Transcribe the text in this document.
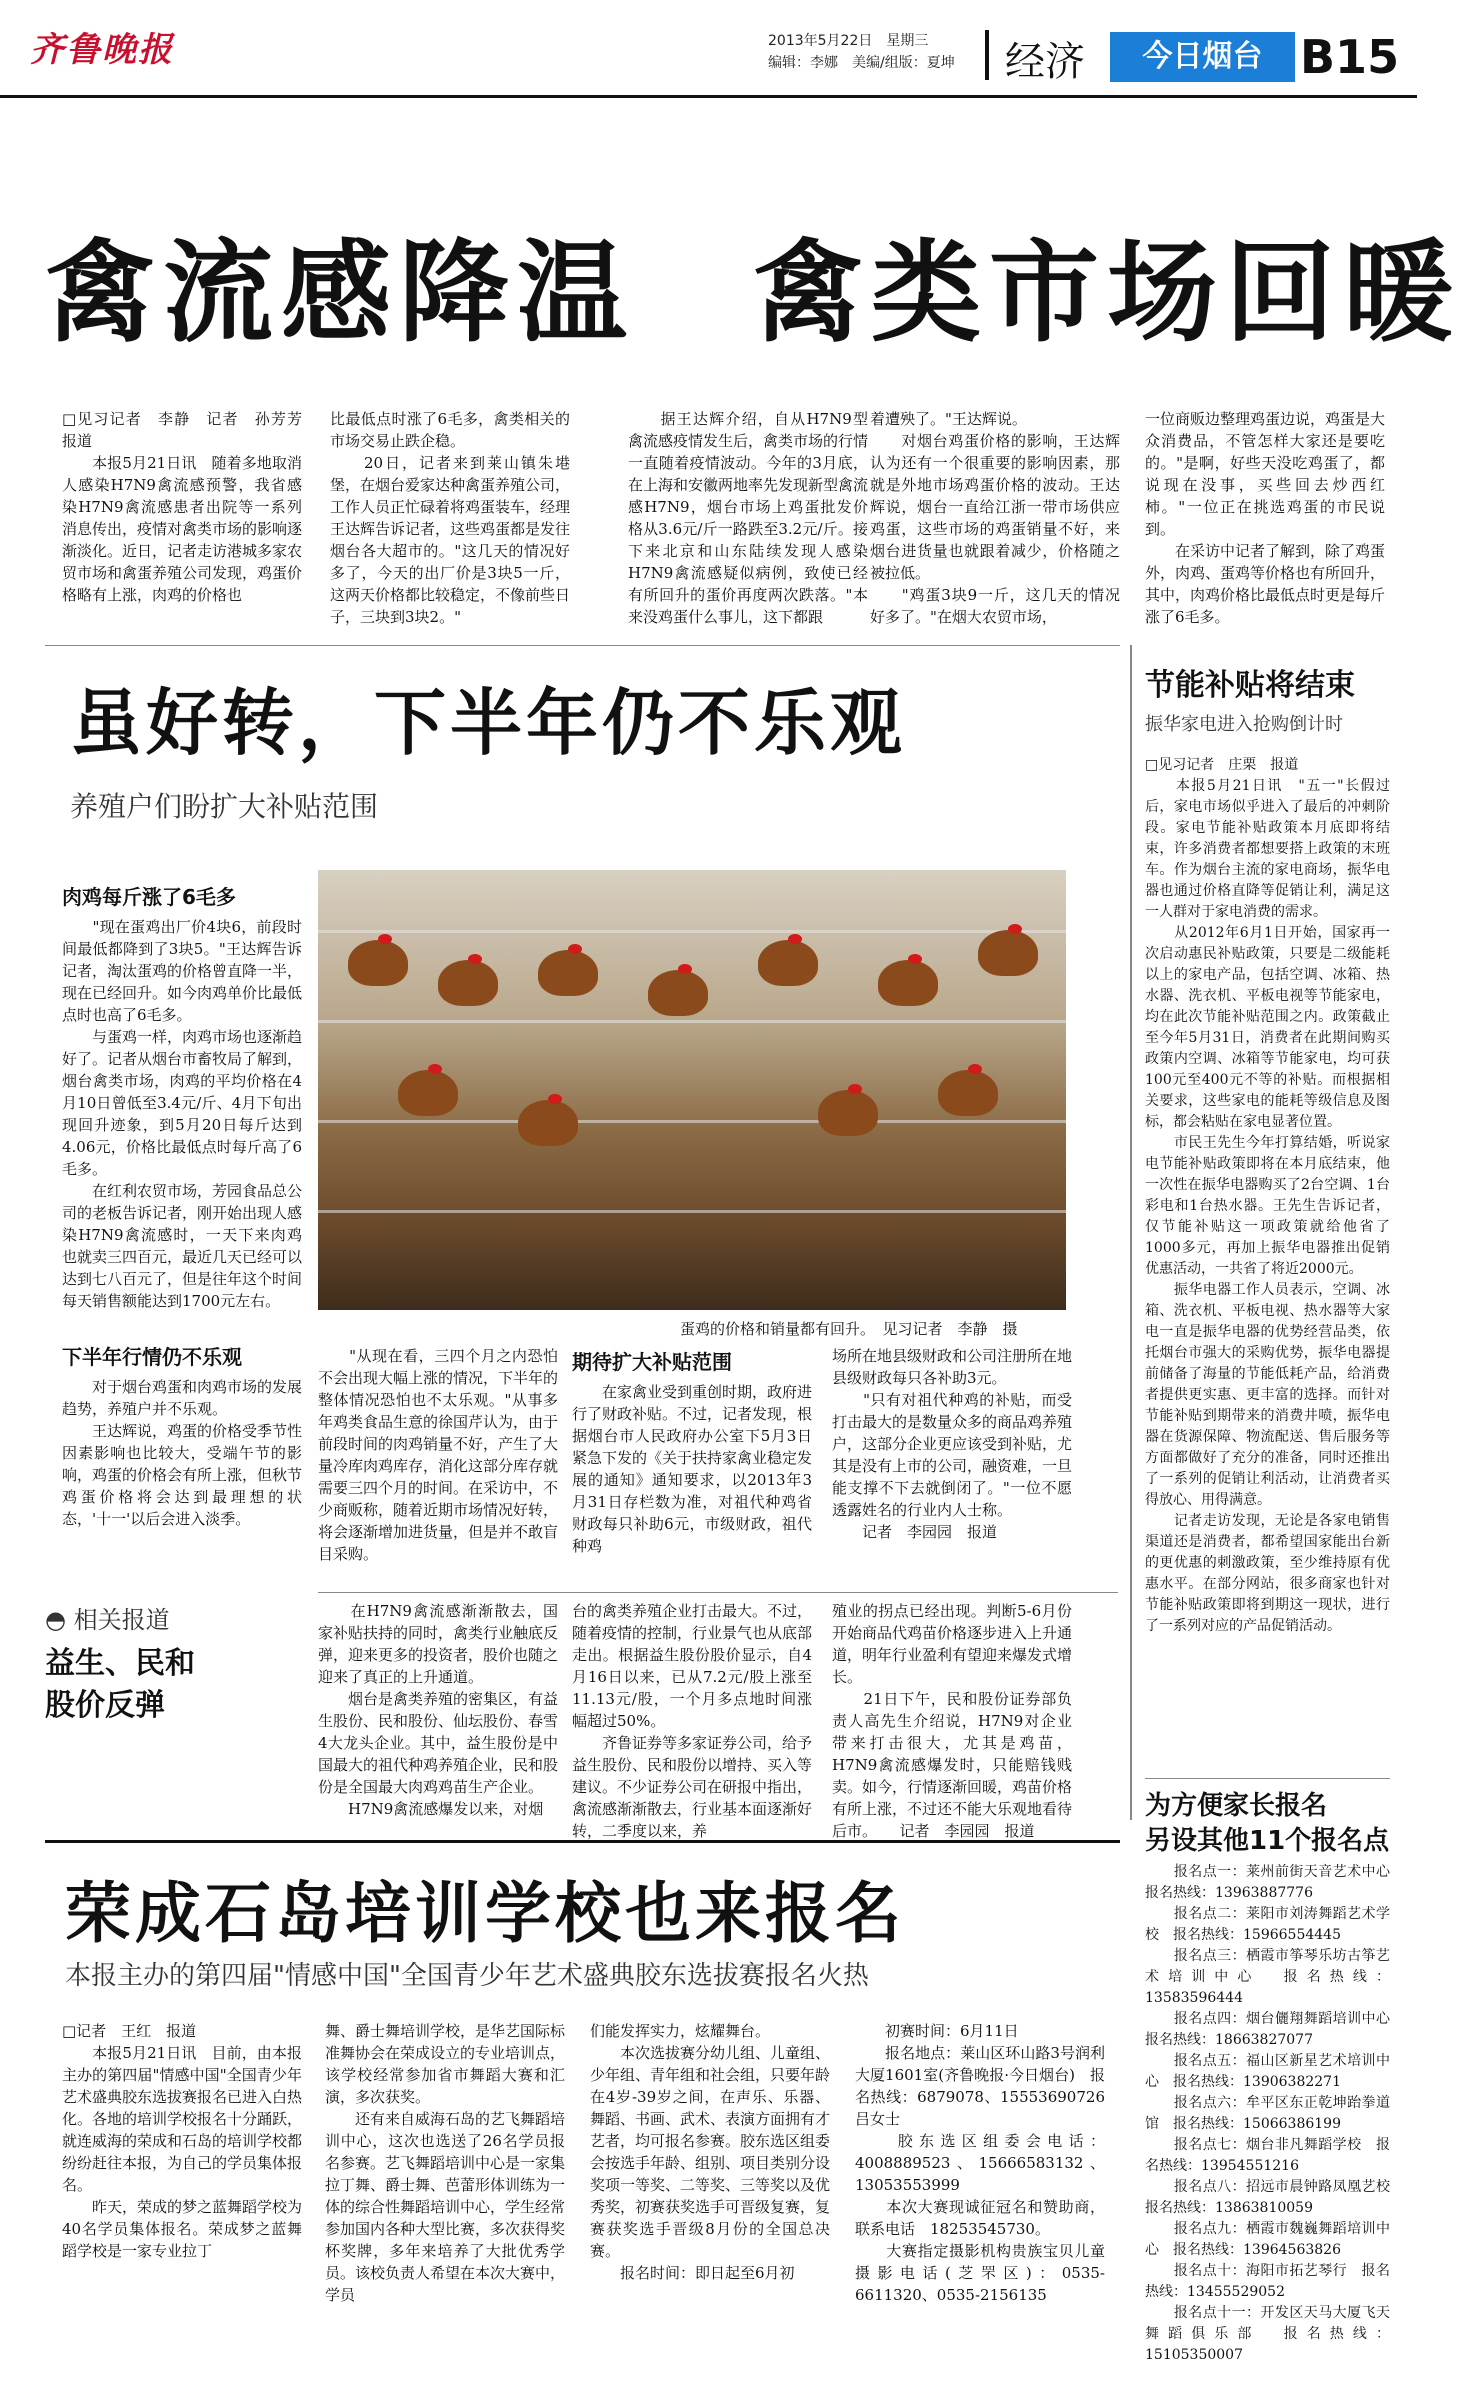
齐鲁晚报	2013年5月22日　星期三
编辑：李娜　美编/组版：夏坤 经济	今日烟台 B15
禽流感降温　禽类市场回暖
□见习记者　李静　记者　孙芳芳　报道
　　本报5月21日讯　随着多地取消人感染H7N9禽流感预警，我省感染H7N9禽流感患者出院等一系列消息传出，疫情对禽类市场的影响逐渐淡化。近日，记者走访港城多家农贸市场和禽蛋养殖公司发现，鸡蛋价格略有上涨，肉鸡的价格也
比最低点时涨了6毛多，禽类相关的市场交易止跌企稳。
　　20日，记者来到莱山镇朱塂堡，在烟台爱家达种禽蛋养殖公司，工作人员正忙碌着将鸡蛋装车，经理王达辉告诉记者，这些鸡蛋都是发往烟台各大超市的。"这几天的情况好多了，今天的出厂价是3块5一斤，这两天价格都比较稳定，不像前些日子，三块到3块2。"
　　据王达辉介绍，自从H7N9型禽流感疫情发生后，禽类市场的行情一直随着疫情波动。今年的3月底，在上海和安徽两地率先发现新型禽流感H7N9，烟台市场上鸡蛋批发价格从3.6元/斤一路跌至3.2元/斤。接下来北京和山东陆续发现人感染H7N9禽流感疑似病例，致使已经有所回升的蛋价再度两次跌落。"本来没鸡蛋什么事儿，这下都跟
着遭殃了。"王达辉说。
　　对烟台鸡蛋价格的影响，王达辉认为还有一个很重要的影响因素，那就是外地市场鸡蛋价格的波动。王达辉说，烟台一直给江浙一带市场供应鸡蛋，这些市场的鸡蛋销量不好，来烟台进货量也就跟着减少，价格随之被拉低。
　　"鸡蛋3块9一斤，这几天的情况好多了。"在烟大农贸市场，
一位商贩边整理鸡蛋边说，鸡蛋是大众消费品，不管怎样大家还是要吃的。"是啊，好些天没吃鸡蛋了，都说现在没事，买些回去炒西红柿。"一位正在挑选鸡蛋的市民说到。
　　在采访中记者了解到，除了鸡蛋外，肉鸡、蛋鸡等价格也有所回升，其中，肉鸡价格比最低点时更是每斤涨了6毛多。
虽好转，下半年仍不乐观
养殖户们盼扩大补贴范围
肉鸡每斤涨了6毛多
　　"现在蛋鸡出厂价4块6，前段时间最低都降到了3块5。"王达辉告诉记者，淘汰蛋鸡的价格曾直降一半，现在已经回升。如今肉鸡单价比最低点时也高了6毛多。
　　与蛋鸡一样，肉鸡市场也逐渐趋好了。记者从烟台市畜牧局了解到，烟台禽类市场，肉鸡的平均价格在4月10日曾低至3.4元/斤、4月下旬出现回升迹象，到5月20日每斤达到4.06元，价格比最低点时每斤高了6毛多。
　　在红利农贸市场，芳园食品总公司的老板告诉记者，刚开始出现人感染H7N9禽流感时，一天下来肉鸡也就卖三四百元，最近几天已经可以达到七八百元了，但是往年这个时间每天销售额能达到1700元左右。
下半年行情仍不乐观
　　对于烟台鸡蛋和肉鸡市场的发展趋势，养殖户并不乐观。
　　王达辉说，鸡蛋的价格受季节性因素影响也比较大，受端午节的影响，鸡蛋的价格会有所上涨，但秋节鸡蛋价格将会达到最理想的状态，'十一'以后会进入淡季。
蛋鸡的价格和销量都有回升。　见习记者　李静　摄
　　"从现在看，三四个月之内恐怕不会出现大幅上涨的情况，下半年的整体情况恐怕也不太乐观。"从事多年鸡类食品生意的徐国芹认为，由于前段时间的肉鸡销量不好，产生了大量冷库肉鸡库存，消化这部分库存就需要三四个月的时间。在采访中，不少商贩称，随着近期市场情况好转，将会逐渐增加进货量，但是并不敢盲目采购。
期待扩大补贴范围
　　在家禽业受到重创时期，政府进行了财政补贴。不过，记者发现，根据烟台市人民政府办公室下5月3日紧急下发的《关于扶持家禽业稳定发展的通知》通知要求，以2013年3月31日存栏数为准，对祖代种鸡省财政每只补助6元，市级财政，祖代种鸡
场所在地县级财政和公司注册所在地县级财政每只各补助3元。
　　"只有对祖代种鸡的补贴，而受打击最大的是数量众多的商品鸡养殖户，这部分企业更应该受到补贴，尤其是没有上市的公司，融资难，一旦能支撑不下去就倒闭了。"一位不愿透露姓名的行业内人士称。
　　记者　李园园　报道
◓ 相关报道
益生、民和
股价反弹
　　在H7N9禽流感渐渐散去，国家补贴扶持的同时，禽类行业触底反弹，迎来更多的投资者，股价也随之迎来了真正的上升通道。
　　烟台是禽类养殖的密集区，有益生股份、民和股份、仙坛股份、春雪4大龙头企业。其中，益生股份是中国最大的祖代种鸡养殖企业，民和股份是全国最大肉鸡鸡苗生产企业。
　　H7N9禽流感爆发以来，对烟
台的禽类养殖企业打击最大。不过，随着疫情的控制，行业景气也从底部走出。根据益生股份股价显示，自4月16日以来，已从7.2元/股上涨至11.13元/股，一个月多点地时间涨幅超过50%。
　　齐鲁证券等多家证券公司，给予益生股份、民和股份以增持、买入等建议。不少证券公司在研报中指出，禽流感渐渐散去，行业基本面逐渐好转，二季度以来，养
殖业的拐点已经出现。判断5-6月份开始商品代鸡苗价格逐步进入上升通道，明年行业盈利有望迎来爆发式增长。
　　21日下午，民和股份证券部负责人高先生介绍说，H7N9对企业带来打击很大，尤其是鸡苗，H7N9禽流感爆发时，只能赔钱贱卖。如今，行情逐渐回暖，鸡苗价格有所上涨，不过还不能大乐观地看待后市。　　记者　李园园　报道
节能补贴将结束
振华家电进入抢购倒计时
□见习记者　庄栗　报道
　　本报5月21日讯　"五一"长假过后，家电市场似乎进入了最后的冲刺阶段。家电节能补贴政策本月底即将结束，许多消费者都想要搭上政策的末班车。作为烟台主流的家电商场，振华电器也通过价格直降等促销让利，满足这一人群对于家电消费的需求。
　　从2012年6月1日开始，国家再一次启动惠民补贴政策，只要是二级能耗以上的家电产品，包括空调、冰箱、热水器、洗衣机、平板电视等节能家电，均在此次节能补贴范围之内。政策截止至今年5月31日，消费者在此期间购买政策内空调、冰箱等节能家电，均可获100元至400元不等的补贴。而根据相关要求，这些家电的能耗等级信息及图标，都会粘贴在家电显著位置。
　　市民王先生今年打算结婚，听说家电节能补贴政策即将在本月底结束，他一次性在振华电器购买了2台空调、1台彩电和1台热水器。王先生告诉记者，仅节能补贴这一项政策就给他省了1000多元，再加上振华电器推出促销优惠活动，一共省了将近2000元。
　　振华电器工作人员表示，空调、冰箱、洗衣机、平板电视、热水器等大家电一直是振华电器的优势经营品类，依托烟台市强大的采购优势，振华电器提前储备了海量的节能低耗产品，给消费者提供更实惠、更丰富的选择。而针对节能补贴到期带来的消费井喷，振华电器在货源保障、物流配送、售后服务等方面都做好了充分的准备，同时还推出了一系列的促销让利活动，让消费者买得放心、用得满意。
　　记者走访发现，无论是各家电销售渠道还是消费者，都希望国家能出台新的更优惠的刺激政策，至少维持原有优惠水平。在部分网站，很多商家也针对节能补贴政策即将到期这一现状，进行了一系列对应的产品促销活动。
为方便家长报名
另设其他11个报名点
　　报名点一：莱州前街天音艺术中心　报名热线：13963887776
　　报名点二：莱阳市刘涛舞蹈艺术学校　报名热线：15966554445
　　报名点三：栖霞市筝琴乐坊古筝艺术培训中心　报名热线：13583596444
　　报名点四：烟台儷翔舞蹈培训中心　报名热线：18663827077
　　报名点五：福山区新星艺术培训中心　报名热线：13906382271
　　报名点六：牟平区东正乾坤跆拳道馆　报名热线：15066386199
　　报名点七：烟台非凡舞蹈学校　报名热线：13954551216
　　报名点八：招远市晨钟路凤凰艺校　报名热线：13863810059
　　报名点九：栖霞市魏巍舞蹈培训中心　报名热线：13964563826
　　报名点十：海阳市拓艺琴行　报名热线：13455529052
　　报名点十一：开发区天马大厦飞天舞蹈俱乐部　报名热线：15105350007
荣成石岛培训学校也来报名
本报主办的第四届"情感中国"全国青少年艺术盛典胶东选拔赛报名火热
□记者　王红　报道
　　本报5月21日讯　目前，由本报主办的第四届"情感中国"全国青少年艺术盛典胶东选拔赛报名已进入白热化。各地的培训学校报名十分踊跃，就连威海的荣成和石岛的培训学校都纷纷赶往本报，为自己的学员集体报名。
　　昨天，荣成的梦之蓝舞蹈学校为40名学员集体报名。荣成梦之蓝舞蹈学校是一家专业拉丁
舞、爵士舞培训学校，是华艺国际标准舞协会在荣成设立的专业培训点，该学校经常参加省市舞蹈大赛和汇演，多次获奖。
　　还有来自威海石岛的艺飞舞蹈培训中心，这次也选送了26名学员报名参赛。艺飞舞蹈培训中心是一家集拉丁舞、爵士舞、芭蕾形体训练为一体的综合性舞蹈培训中心，学生经常参加国内各种大型比赛，多次获得奖杯奖牌，多年来培养了大批优秀学员。该校负责人希望在本次大赛中，学员
们能发挥实力，炫耀舞台。
　　本次选拔赛分幼儿组、儿童组、少年组、青年组和社会组，只要年龄在4岁-39岁之间，在声乐、乐器、舞蹈、书画、武术、表演方面拥有才艺者，均可报名参赛。胶东选区组委会按选手年龄、组别、项目类别分设奖项一等奖、二等奖、三等奖以及优秀奖，初赛获奖选手可晋级复赛，复赛获奖选手晋级8月份的全国总决赛。
　　报名时间：即日起至6月初
　　初赛时间：6月11日
　　报名地点：莱山区环山路3号润利大厦1601室(齐鲁晚报·今日烟台)　报名热线：6879078、15553690726　吕女士
　　胶东选区组委会电话：4008889523、15666583132、13053553999
　　本次大赛现诚征冠名和赞助商，联系电话　18253545730。
　　大赛指定摄影机构贵族宝贝儿童摄影电话(芝罘区)：0535-6611320、0535-2156135
